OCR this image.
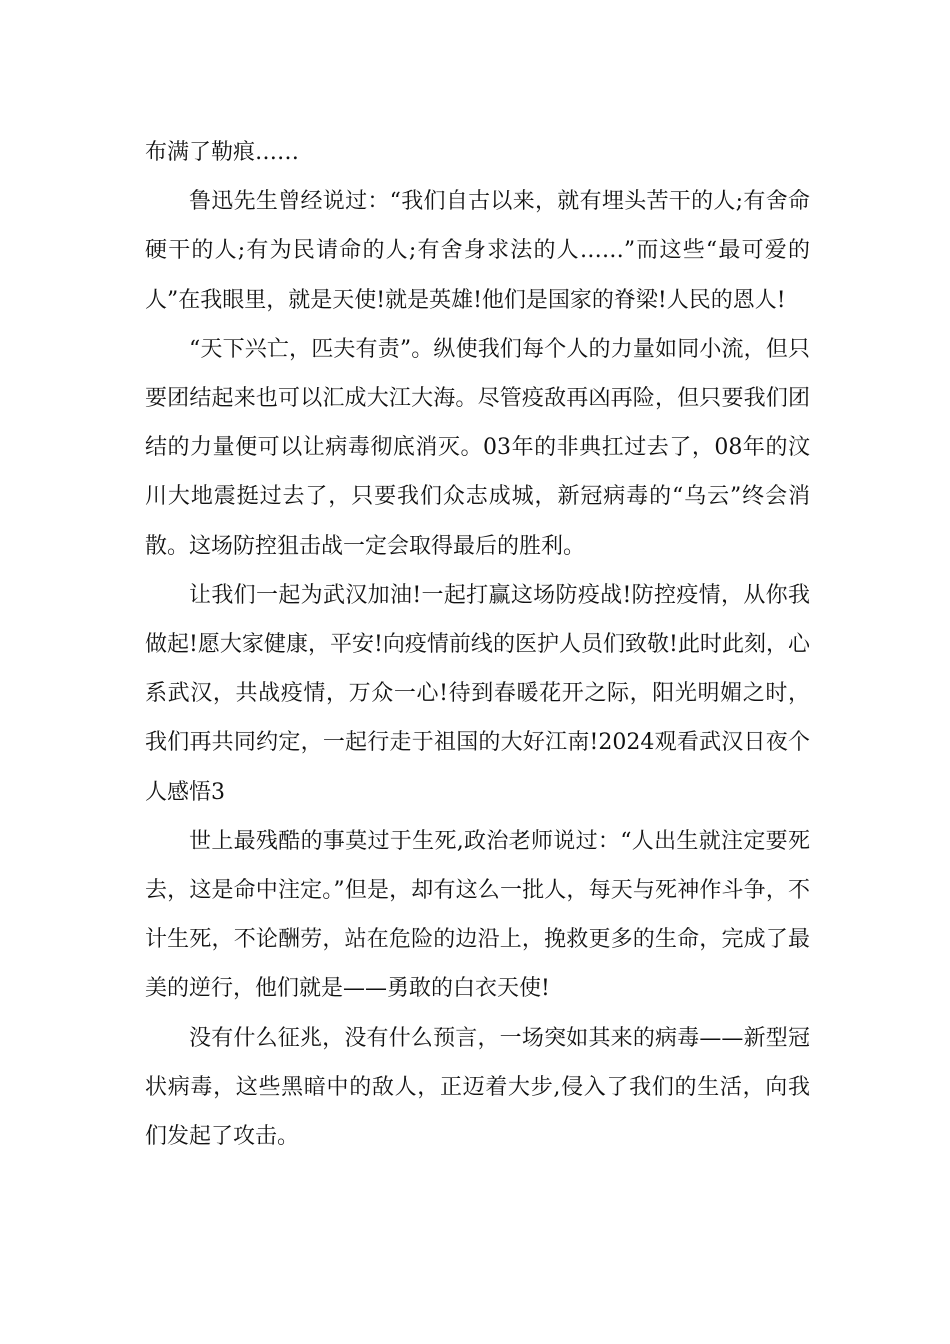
布满了勒痕……

鲁迅先生曾经说过：“我们自古以来，就有埋头苦干的人;有舍命硬干的人;有为民请命的人;有舍身求法的人……”而这些“最可爱的人”在我眼里，就是天使!就是英雄!他们是国家的脊梁!人民的恩人!

“天下兴亡，匹夫有责”。纵使我们每个人的力量如同小流，但只要团结起来也可以汇成大江大海。尽管疫敌再凶再险，但只要我们团结的力量便可以让病毒彻底消灭。03年的非典扛过去了，08年的汶川大地震挺过去了，只要我们众志成城，新冠病毒的“乌云”终会消散。这场防控狙击战一定会取得最后的胜利。

让我们一起为武汉加油!一起打赢这场防疫战!防控疫情，从你我做起!愿大家健康，平安!向疫情前线的医护人员们致敬!此时此刻，心系武汉，共战疫情，万众一心!待到春暖花开之际，阳光明媚之时，我们再共同约定，一起行走于祖国的大好江南!2024观看武汉日夜个人感悟3

世上最残酷的事莫过于生死,政治老师说过：“人出生就注定要死去，这是命中注定。”但是，却有这么一批人，每天与死神作斗争，不计生死，不论酬劳，站在危险的边沿上，挽救更多的生命，完成了最美的逆行，他们就是——勇敢的白衣天使!

没有什么征兆，没有什么预言，一场突如其来的病毒——新型冠状病毒，这些黑暗中的敌人，正迈着大步,侵入了我们的生活，向我们发起了攻击。
